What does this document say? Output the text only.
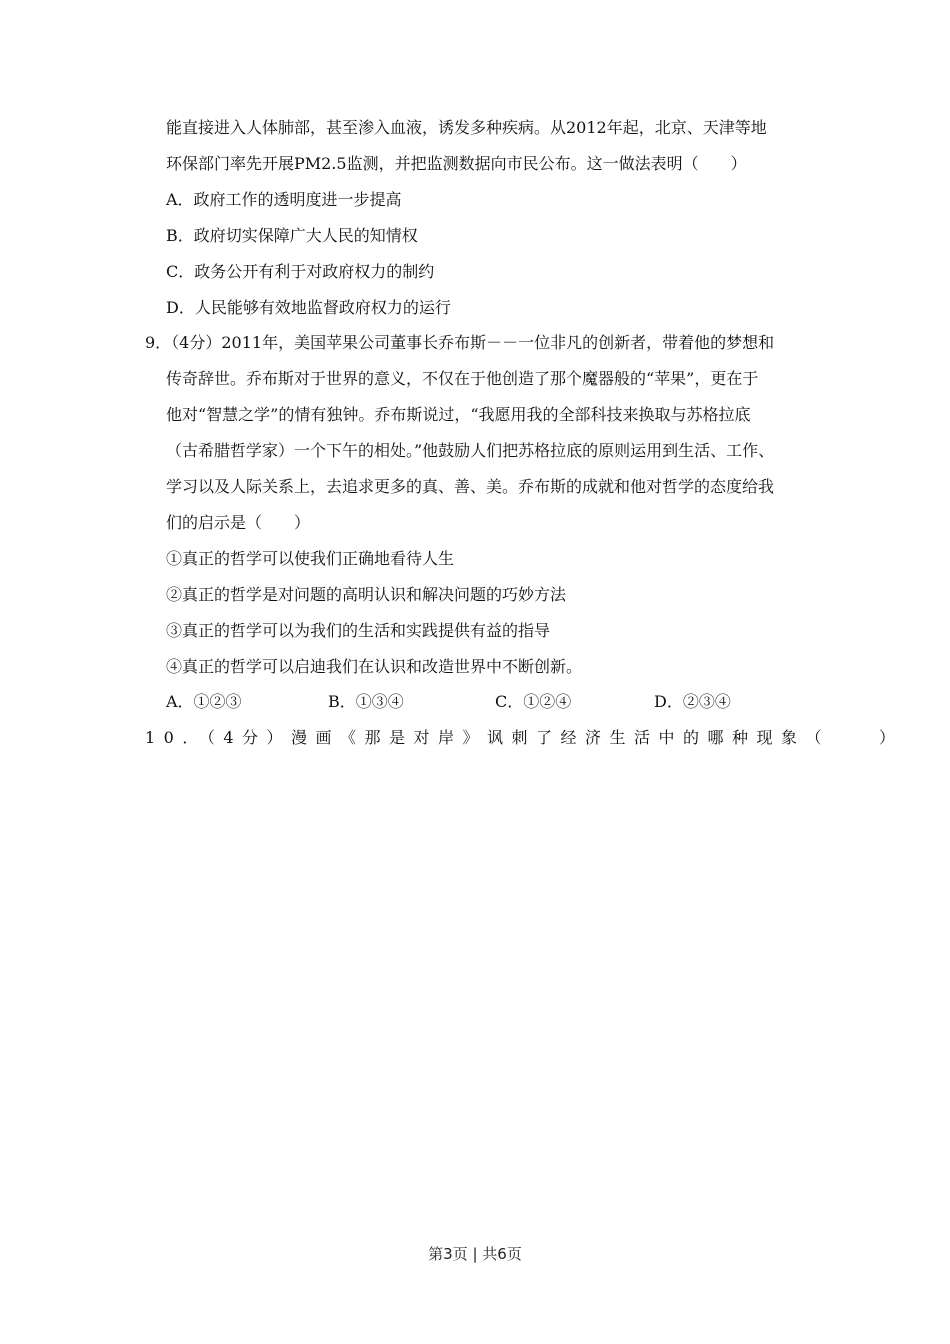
能直接进入人体肺部，甚至渗入血液，诱发多种疾病。从2012年起，北京、天津等地
环保部门率先开展PM2.5监测，并把监测数据向市民公布。这一做法表明（　　）
A．政府工作的透明度进一步提高
B．政府切实保障广大人民的知情权
C．政务公开有利于对政府权力的制约
D．人民能够有效地监督政府权力的运行
9．（4分）2011年，美国苹果公司董事长乔布斯－－一位非凡的创新者，带着他的梦想和
传奇辞世。乔布斯对于世界的意义，不仅在于他创造了那个魔器般的“苹果”，更在于
他对“智慧之学”的情有独钟。乔布斯说过，“我愿用我的全部科技来换取与苏格拉底
（古希腊哲学家）一个下午的相处。”他鼓励人们把苏格拉底的原则运用到生活、工作、
学习以及人际关系上，去追求更多的真、善、美。乔布斯的成就和他对哲学的态度给我
们的启示是（　　）
①真正的哲学可以使我们正确地看待人生
②真正的哲学是对问题的高明认识和解决问题的巧妙方法
③真正的哲学可以为我们的生活和实践提供有益的指导
④真正的哲学可以启迪我们在认识和改造世界中不断创新。
A．①②③	B．①③④	C．①②④	D．②③④
10．（4分）漫画《那是对岸》讽刺了经济生活中的哪种现象（　　）
第3页 | 共6页
